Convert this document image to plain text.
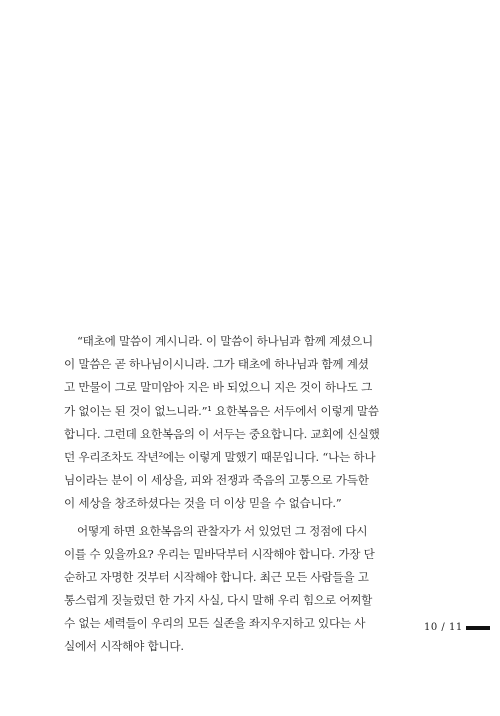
“태초에 말씀이 계시니라. 이 말씀이 하나님과 함께 계셨으니
이 말씀은 곧 하나님이시니라. 그가 태초에 하나님과 함께 계셨
고 만물이 그로 말미암아 지은 바 되었으니 지은 것이 하나도 그
가 없이는 된 것이 없느니라.”¹ 요한복음은 서두에서 이렇게 말씀
합니다. 그런데 요한복음의 이 서두는 중요합니다. 교회에 신실했
던 우리조차도 작년²에는 이렇게 말했기 때문입니다. “나는 하나
님이라는 분이 이 세상을, 피와 전쟁과 죽음의 고통으로 가득한
이 세상을 창조하셨다는 것을 더 이상 믿을 수 없습니다.”
어떻게 하면 요한복음의 관찰자가 서 있었던 그 정점에 다시
이를 수 있을까요? 우리는 밑바닥부터 시작해야 합니다. 가장 단
순하고 자명한 것부터 시작해야 합니다. 최근 모든 사람들을 고
통스럽게 짓눌렀던 한 가지 사실, 다시 말해 우리 힘으로 어찌할
수 없는 세력들이 우리의 모든 실존을 좌지우지하고 있다는 사
실에서 시작해야 합니다.
10 / 11
